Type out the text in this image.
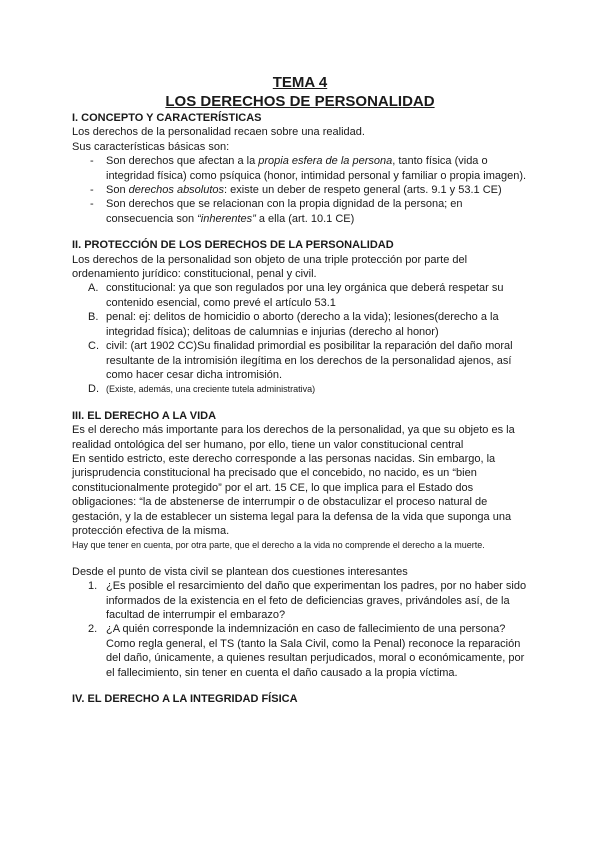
TEMA 4
LOS DERECHOS DE PERSONALIDAD

I. CONCEPTO Y CARACTERÍSTICAS

Los derechos de la personalidad recaen sobre una realidad.

Sus características básicas son:

- Son derechos que afectan a la propia esfera de la persona, tanto física (vida o integridad física) como psíquica (honor, intimidad personal y familiar o propia imagen).
- Son derechos absolutos: existe un deber de respeto general (arts. 9.1 y 53.1 CE)
- Son derechos que se relacionan con la propia dignidad de la persona; en consecuencia son “inherentes” a ella (art. 10.1 CE)

II. PROTECCIÓN DE LOS DERECHOS DE LA PERSONALIDAD

Los derechos de la personalidad son objeto de una triple protección por parte del ordenamiento jurídico: constitucional, penal y civil.

A. constitucional: ya que son regulados por una ley orgánica que deberá respetar su contenido esencial, como prevé el artículo 53.1
B. penal: ej: delitos de homicidio o aborto (derecho a la vida); lesiones(derecho a la integridad física); delitoas de calumnias e injurias (derecho al honor)
C. civil: (art 1902 CC)Su finalidad primordial es posibilitar la reparación del daño moral resultante de la intromisión ilegítima en los derechos de la personalidad ajenos, así como hacer cesar dicha intromisión.
D. (Existe, además, una creciente tutela administrativa)

III. EL DERECHO A LA VIDA

Es el derecho más importante para los derechos de la personalidad, ya que su objeto es la realidad ontológica del ser humano, por ello, tiene un valor constitucional central

En sentido estricto, este derecho corresponde a las personas nacidas. Sin embargo, la jurisprudencia constitucional ha precisado que el concebido, no nacido, es un “bien constitucionalmente protegido” por el art. 15 CE, lo que implica para el Estado dos obligaciones: “la de abstenerse de interrumpir o de obstaculizar el proceso natural de gestación, y la de establecer un sistema legal para la defensa de la vida que suponga una protección efectiva de la misma.

Hay que tener en cuenta, por otra parte, que el derecho a la vida no comprende el derecho a la muerte.

Desde el punto de vista civil se plantean dos cuestiones interesantes

1. ¿Es posible el resarcimiento del daño que experimentan los padres, por no haber sido informados de la existencia en el feto de deficiencias graves, privándoles así, de la facultad de interrumpir el embarazo?
2. ¿A quién corresponde la indemnización en caso de fallecimiento de una persona? Como regla general, el TS (tanto la Sala Civil, como la Penal) reconoce la reparación del daño, únicamente, a quienes resultan perjudicados, moral o económicamente, por el fallecimiento, sin tener en cuenta el daño causado a la propia víctima.

IV. EL DERECHO A LA INTEGRIDAD FÍSICA
